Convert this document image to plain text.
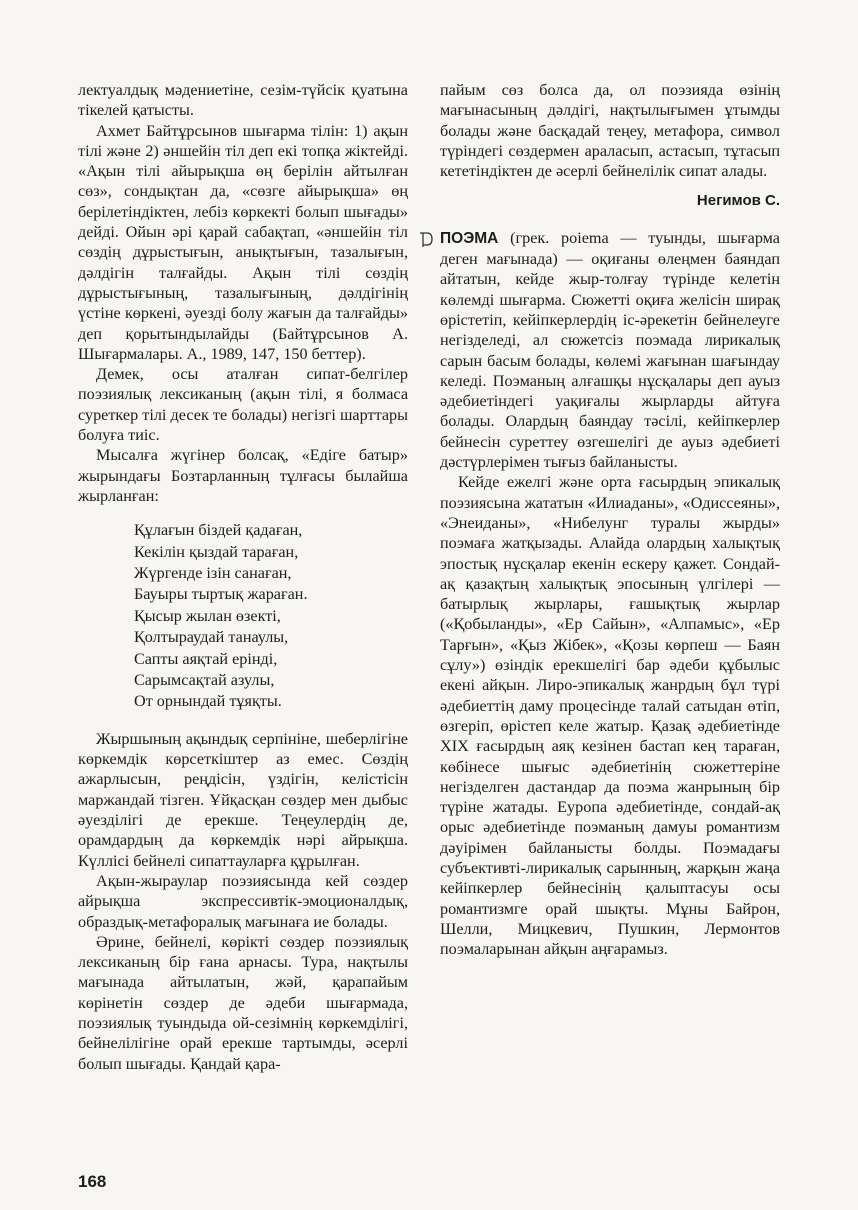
лектуалдық мәдениетіне, сезім-түйсік қуатына тікелей қатысты.

Ахмет Байтұрсынов шығарма тілін: 1) ақын тілі және 2) әншейін тіл деп екі топқа жіктейді. «Ақын тілі айырықша өң берілін айтылған сөз», сондықтан да, «сөзге айырықша» өң берілетіндіктен, лебіз көркекті болып шығады» дейді. Ойын әрі қарай сабақтап, «әншейін тіл сөздің дұрыстығын, анықтығын, тазалығын, дәлдігін талғайды. Ақын тілі сөздің дұрыстығының, тазалығының, дәлдігінің үстіне көркені, әуезді болу жағын да талғайды» деп қорытындылайды (Байтұрсынов А. Шығармалары. А., 1989, 147, 150 беттер).

Демек, осы аталған сипат-белгілер поэзиялық лексиканың (ақын тілі, я болмаса суреткер тілі десек те болады) негізгі шарттары болуға тиіс.

Мысалға жүгінер болсақ, «Едіге батыр» жырындағы Бозтарланның тұлғасы былайша жырланған:

Құлағын біздей қадаған,
Кекілін қыздай тараған,
Жүргенде ізін санаған,
Бауыры тыртық жараған.
Қысыр жылан өзекті,
Қолтыраудай танаулы,
Сапты аяқтай ерінді,
Сарымсақтай азулы,
От орнындай тұяқты.

Жыршының ақындық серпініне, шеберлігіне көркемдік көрсеткіштер аз емес. Сөздің ажарлысын, реңдісін, үздігін, келістісін маржандай тізген. Ұйқасқан сөздер мен дыбыс әуезділігі де ерекше. Теңеулердің де, орамдардың да көркемдік нәрі айрықша. Күллісі бейнелі сипаттауларға құрылған.

Ақын-жыраулар поэзиясында кей сөздер айрықша экспрессивтік-эмоционалдық, образдық-метафоралық мағынаға ие болады.

Әрине, бейнелі, көрікті сөздер поэзиялық лексиканың бір ғана арнасы. Тура, нақтылы мағынада айтылатын, жәй, қарапайым көрінетін сөздер де әдеби шығармада, поэзиялық туындыда ой-сезімнің көркемділігі, бейнелілігіне орай ерекше тартымды, әсерлі болып шығады. Қандай қара-

пайым сөз болса да, ол поэзияда өзінің мағынасының дәлдігі, нақтылығымен ұтымды болады және басқадай теңеу, метафора, символ түріндегі сөздермен араласып, астасып, тұтасып кететіндіктен де әсерлі бейнелілік сипат алады.

Негимов С.

ПОЭМА (грек. poiema — туынды, шығарма деген мағынада) — оқиғаны өлеңмен баяндап айтатын, кейде жыр-толғау түрінде келетін көлемді шығарма. Сюжетті оқиға желісін ширақ өрістетіп, кейіпкерлердің іс-әрекетін бейнелеуге негізделеді, ал сюжетсіз поэмада лирикалық сарын басым болады, көлемі жағынан шағындау келеді. Поэманың алғашқы нұсқалары деп ауыз әдебиетіндегі уақиғалы жырларды айтуға болады. Олардың баяндау тәсілі, кейіпкерлер бейнесін суреттеу өзгешелігі де ауыз әдебиеті дәстүрлерімен тығыз байланысты.

Кейде ежелгі және орта ғасырдың эпикалық поэзиясына жататын «Илиаданы», «Одиссеяны», «Энеиданы», «Нибелунг туралы жырды» поэмаға жатқызады. Алайда олардың халықтық эпостық нұсқалар екенін ескеру қажет. Сондай-ақ қазақтың халықтық эпосының үлгілері — батырлық жырлары, ғашықтық жырлар («Қобыланды», «Ер Сайын», «Алпамыс», «Ер Тарғын», «Қыз Жібек», «Қозы көрпеш — Баян сұлу») өзіндік ерекшелігі бар әдеби құбылыс екені айқын. Лиро-эпикалық жанрдың бұл түрі әдебиеттің даму процесінде талай сатыдан өтіп, өзгеріп, өрістеп келе жатыр. Қазақ әдебиетінде XIX ғасырдың аяқ кезінен бастап кең тараған, көбінесе шығыс әдебиетінің сюжеттеріне негізделген дастандар да поэма жанрының бір түріне жатады. Еуропа әдебиетінде, сондай-ақ орыс әдебиетінде поэманың дамуы романтизм дәуірімен байланысты болды. Поэмадағы субъективті-лирикалық сарынның, жарқын жаңа кейіпкерлер бейнесінің қалыптасуы осы романтизмге орай шықты. Мұны Байрон, Шелли, Мицкевич, Пушкин, Лермонтов поэмаларынан айқын аңғарамыз.

168
